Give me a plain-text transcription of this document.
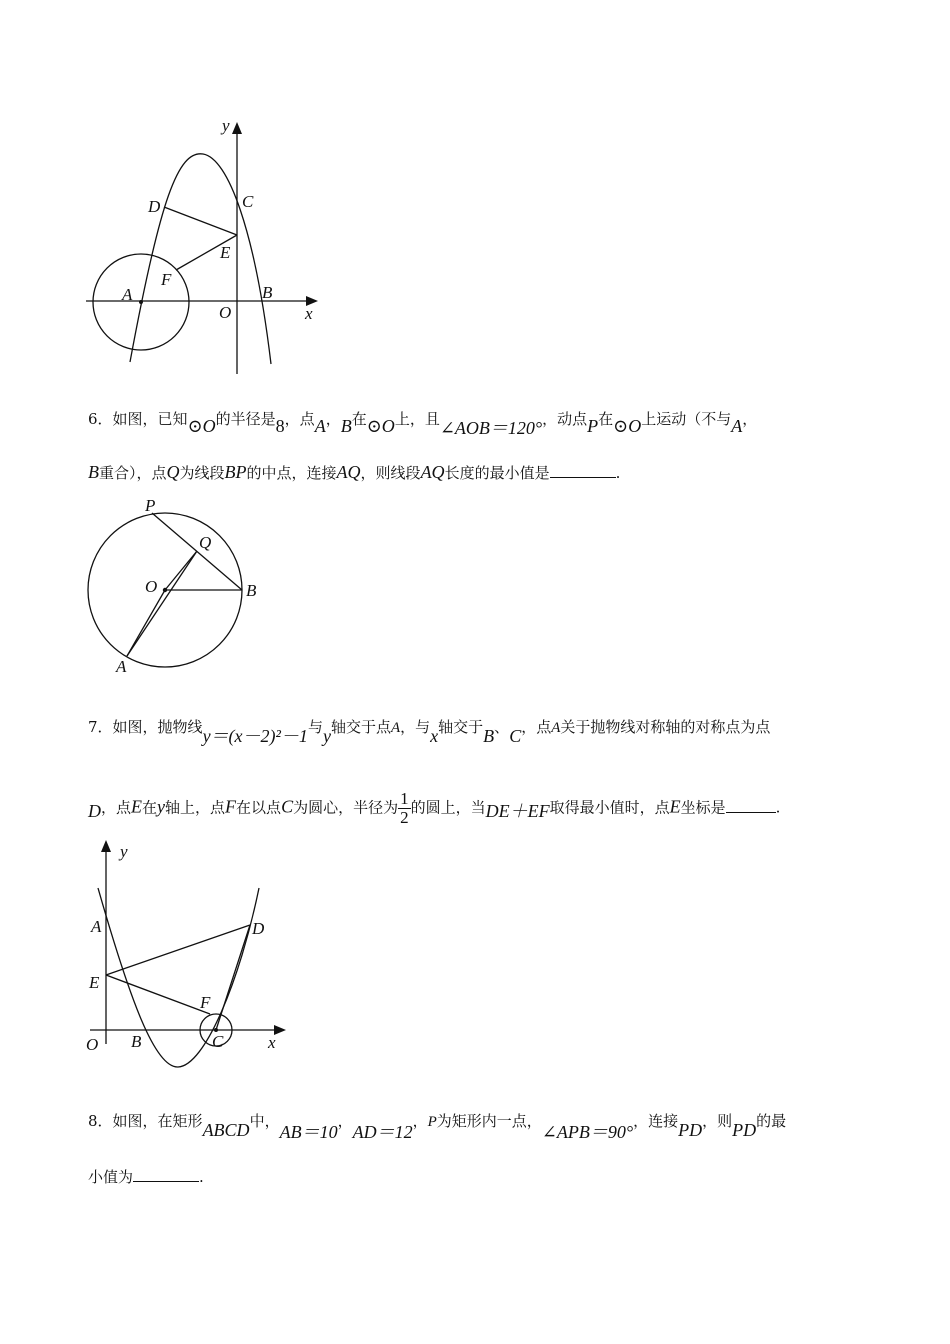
y
x
C
D
E
F
A
O
B
6．如图，已知⊙O的半径是8，点A，B在⊙O上，且∠AOB＝120°，动点P在⊙O上运动（不与A，
B重合），点Q为线段BP的中点，连接AQ，则线段AQ长度的最小值是	.
P
Q
O	B
A
7．如图，抛物线y＝(x－2)²－1与y轴交于点A，与x轴交于B、C，点A关于抛物线对称轴的对称点为点
D，点E在y轴上，点F在以点C为圆心，半径为 $\frac{1}{2}$ 的圆上，当DE＋EF取得最小值时，点E坐标是	.
y
A	D
E
F
O B	C	x
8．如图，在矩形ABCD中，AB＝10，AD＝12，P为矩形内一点，∠APB＝90°，连接PD，则PD的最
小值为	.
